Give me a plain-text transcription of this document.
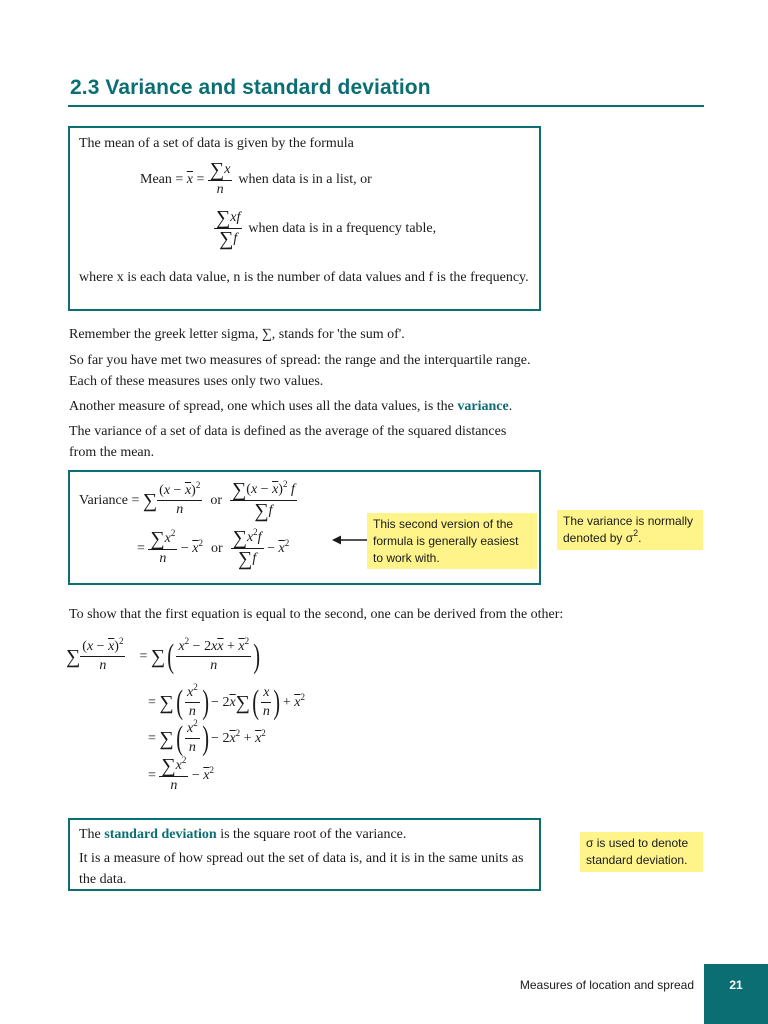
2.3 Variance and standard deviation
The mean of a set of data is given by the formula
Mean = $\overline{x} = \frac{\sum x}{n}$ when data is in a list, or
$\frac{\sum xf}{\sum f}$ when data is in a frequency table,
where x is each data value, n is the number of data values and f is the frequency.
Remember the greek letter sigma, ∑, stands for 'the sum of'.
So far you have met two measures of spread: the range and the interquartile range.
Each of these measures uses only two values.
Another measure of spread, one which uses all the data values, is the variance.
The variance of a set of data is defined as the average of the squared distances
from the mean.
Variance = ∑ $\frac{(x - \overline{x})^2}{n}$ or $\frac{\sum(x - \overline{x})^2 f}{\sum f}$
= $\frac{\sum x^2}{n} - \overline{x}^2$ or $\frac{\sum x^2f}{\sum f} - \overline{x}^2$
This second version of the formula is generally easiest to work with.
The variance is normally denoted by $\sigma^2$.
To show that the first equation is equal to the second, one can be derived from the other:
∑ $\frac{(x - \overline{x})^2}{n}$ = ∑ ( $\frac{x^2 - 2x\overline{x} + \overline{x}^2}{n}$ )
= ∑ ( $\frac{x^2}{n}$ ) − $2\overline{x}$ ∑ ( $\frac{x}{n}$ ) + $\overline{x}^2$
= ∑ ( $\frac{x^2}{n}$ ) − $2\overline{x}^2 + \overline{x}^2$
= $\frac{\sum x^2}{n} - \overline{x}^2$
The standard deviation is the square root of the variance.
It is a measure of how spread out the set of data is, and it is in the same units as the data.
σ is used to denote standard deviation.
Measures of location and spread	21
